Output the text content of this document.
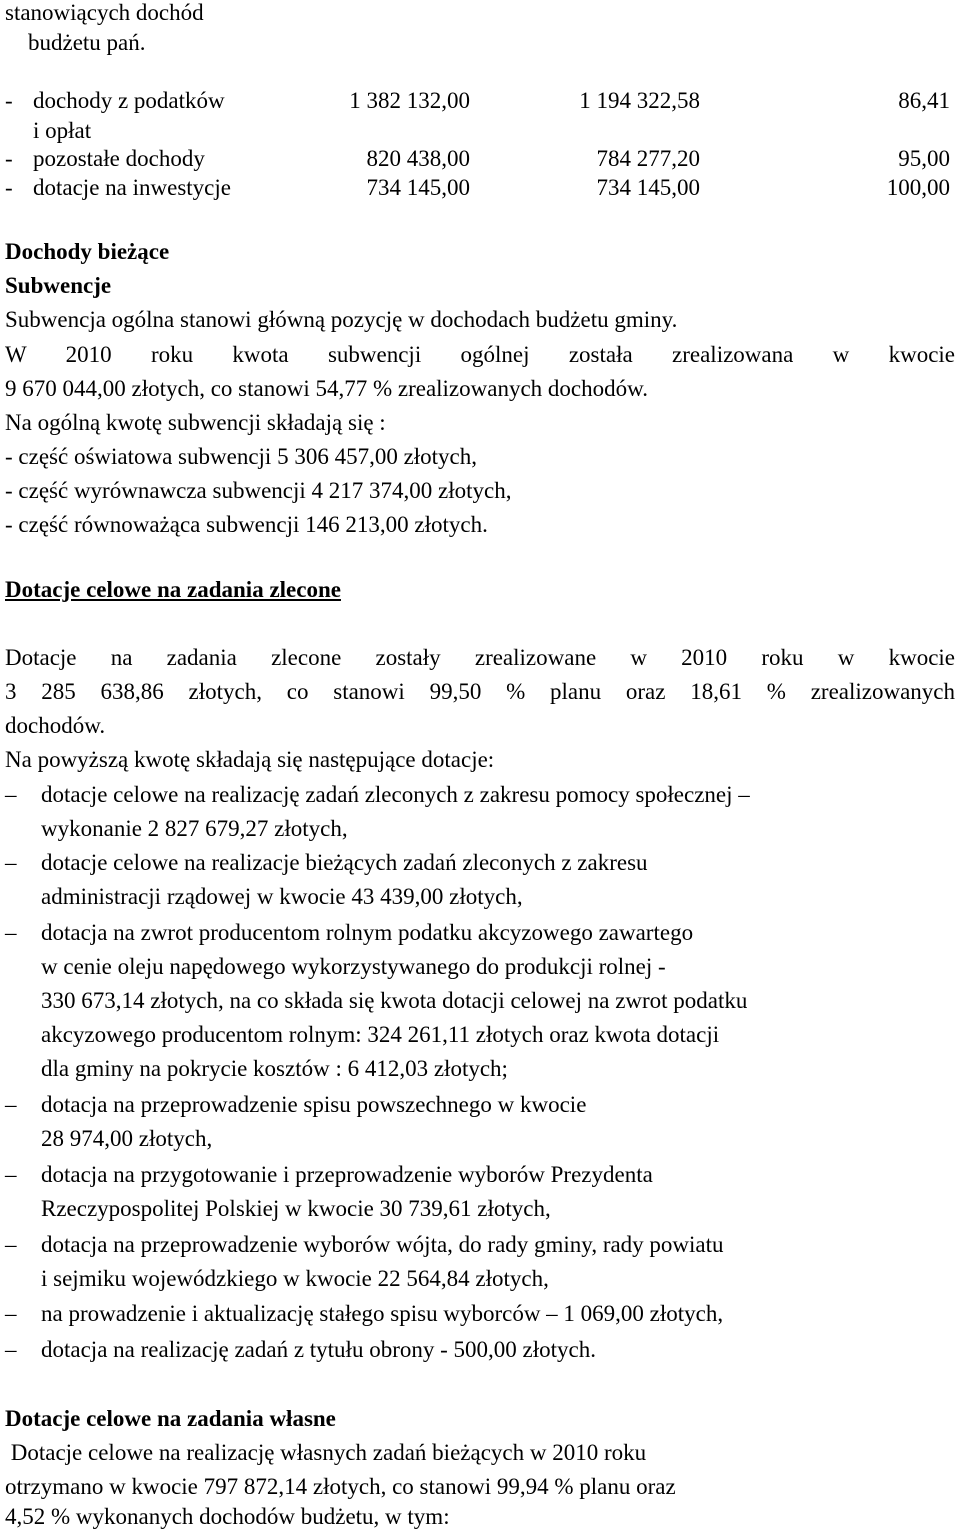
stanowiących dochód
budżetu pań.
- dochody z podatków	1 382 132,00	1 194 322,58	86,41
i opłat
- pozostałe dochody	820 438,00	784 277,20	95,00
- dotacje na inwestycje	734 145,00	734 145,00	100,00
Dochody bieżące
Subwencje
Subwencja ogólna stanowi główną pozycję w dochodach budżetu gminy.
W 2010 roku kwota subwencji ogólnej została zrealizowana w kwocie
9 670 044,00 złotych, co stanowi 54,77 % zrealizowanych dochodów.
Na ogólną kwotę subwencji składają się :
- część oświatowa subwencji 5 306 457,00 złotych,
- część wyrównawcza subwencji 4 217 374,00 złotych,
- część równoważąca subwencji 146 213,00 złotych.
Dotacje celowe na zadania zlecone
Dotacje na zadania zlecone zostały zrealizowane w 2010 roku w kwocie
3 285 638,86 złotych, co stanowi 99,50 % planu oraz 18,61 % zrealizowanych
dochodów.
Na powyższą kwotę składają się następujące dotacje:
– dotacje celowe na realizację zadań zleconych z zakresu pomocy społecznej –
wykonanie 2 827 679,27 złotych,
– dotacje celowe na realizacje bieżących zadań zleconych z zakresu
administracji rządowej w kwocie 43 439,00 złotych,
– dotacja na zwrot producentom rolnym podatku akcyzowego zawartego
w cenie oleju napędowego wykorzystywanego do produkcji rolnej -
330 673,14 złotych, na co składa się kwota dotacji celowej na zwrot podatku
akcyzowego producentom rolnym: 324 261,11 złotych oraz kwota dotacji
dla gminy na pokrycie kosztów : 6 412,03 złotych;
– dotacja na przeprowadzenie spisu powszechnego w kwocie
28 974,00 złotych,
– dotacja na przygotowanie i przeprowadzenie wyborów Prezydenta
Rzeczypospolitej Polskiej w kwocie 30 739,61 złotych,
– dotacja na przeprowadzenie wyborów wójta, do rady gminy, rady powiatu
i sejmiku wojewódzkiego w kwocie 22 564,84 złotych,
– na prowadzenie i aktualizację stałego spisu wyborców – 1 069,00 złotych,
– dotacja na realizację zadań z tytułu obrony - 500,00 złotych.
Dotacje celowe na zadania własne
Dotacje celowe na realizację własnych zadań bieżących w 2010 roku
otrzymano w kwocie 797 872,14 złotych, co stanowi 99,94 % planu oraz
4,52 % wykonanych dochodów budżetu, w tym:
